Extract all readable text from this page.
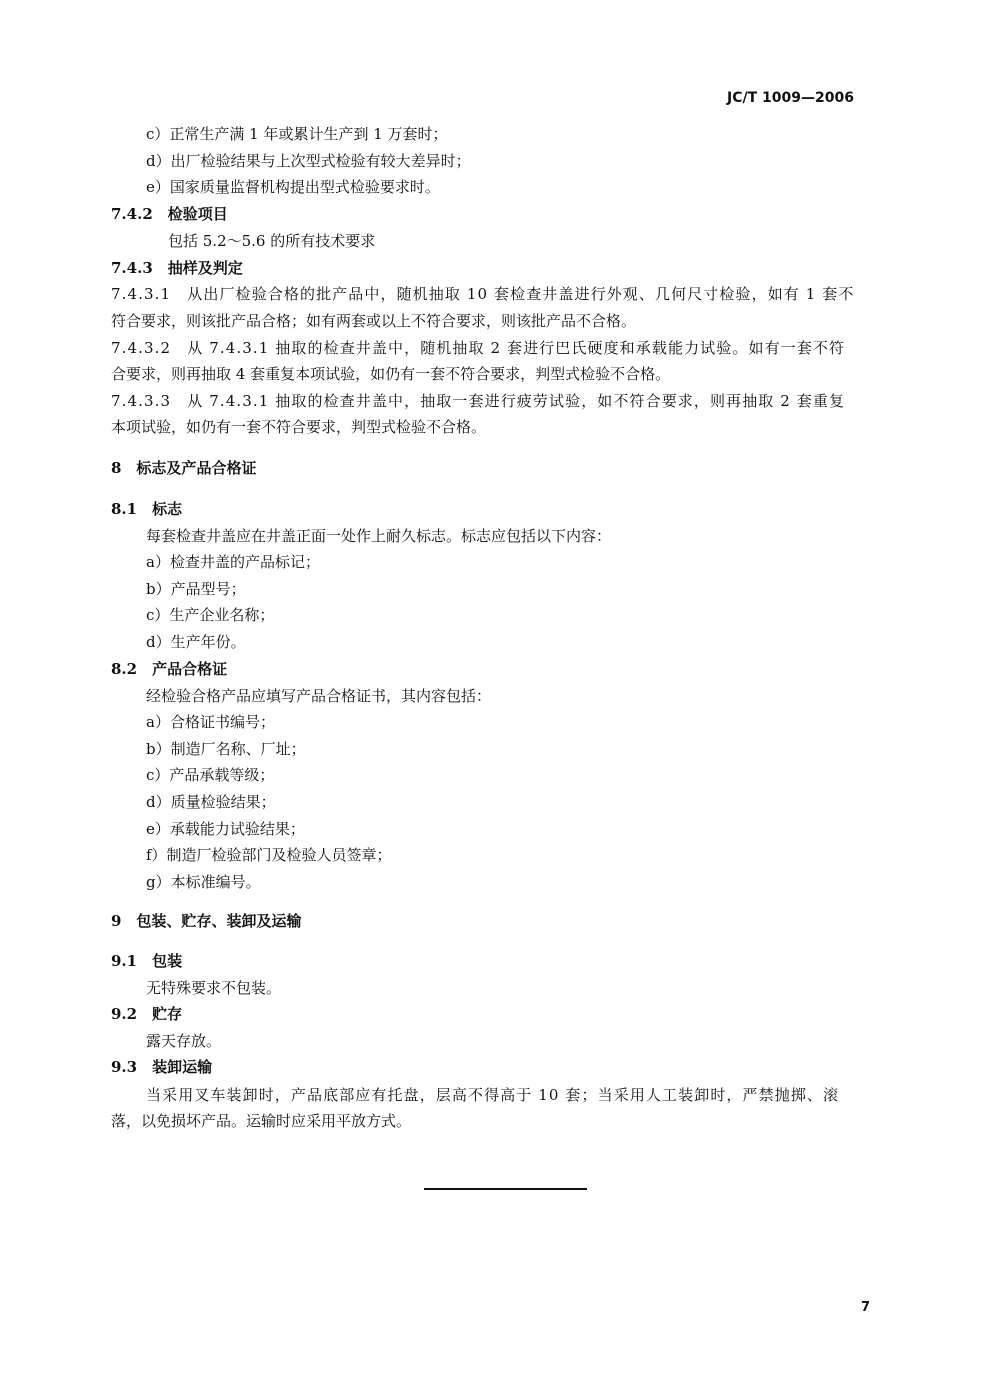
JC/T 1009—2006
c）正常生产满 1 年或累计生产到 1 万套时；
d）出厂检验结果与上次型式检验有较大差异时；
e）国家质量监督机构提出型式检验要求时。
7.4.2　检验项目
包括 5.2～5.6 的所有技术要求
7.4.3　抽样及判定
7.4.3.1　从出厂检验合格的批产品中，随机抽取 10 套检查井盖进行外观、几何尺寸检验，如有 1 套不
符合要求，则该批产品合格；如有两套或以上不符合要求，则该批产品不合格。
7.4.3.2　从 7.4.3.1 抽取的检查井盖中，随机抽取 2 套进行巴氏硬度和承载能力试验。如有一套不符
合要求，则再抽取 4 套重复本项试验，如仍有一套不符合要求，判型式检验不合格。
7.4.3.3　从 7.4.3.1 抽取的检查井盖中，抽取一套进行疲劳试验，如不符合要求，则再抽取 2 套重复
本项试验，如仍有一套不符合要求，判型式检验不合格。
8　标志及产品合格证
8.1　标志
每套检查井盖应在井盖正面一处作上耐久标志。标志应包括以下内容：
a）检查井盖的产品标记；
b）产品型号；
c）生产企业名称；
d）生产年份。
8.2　产品合格证
经检验合格产品应填写产品合格证书，其内容包括：
a）合格证书编号；
b）制造厂名称、厂址；
c）产品承载等级；
d）质量检验结果；
e）承载能力试验结果；
f）制造厂检验部门及检验人员签章；
g）本标准编号。
9　包装、贮存、装卸及运输
9.1　包装
无特殊要求不包装。
9.2　贮存
露天存放。
9.3　装卸运输
当采用叉车装卸时，产品底部应有托盘，层高不得高于 10 套；当采用人工装卸时，严禁抛掷、滚
落，以免损坏产品。运输时应采用平放方式。
7
